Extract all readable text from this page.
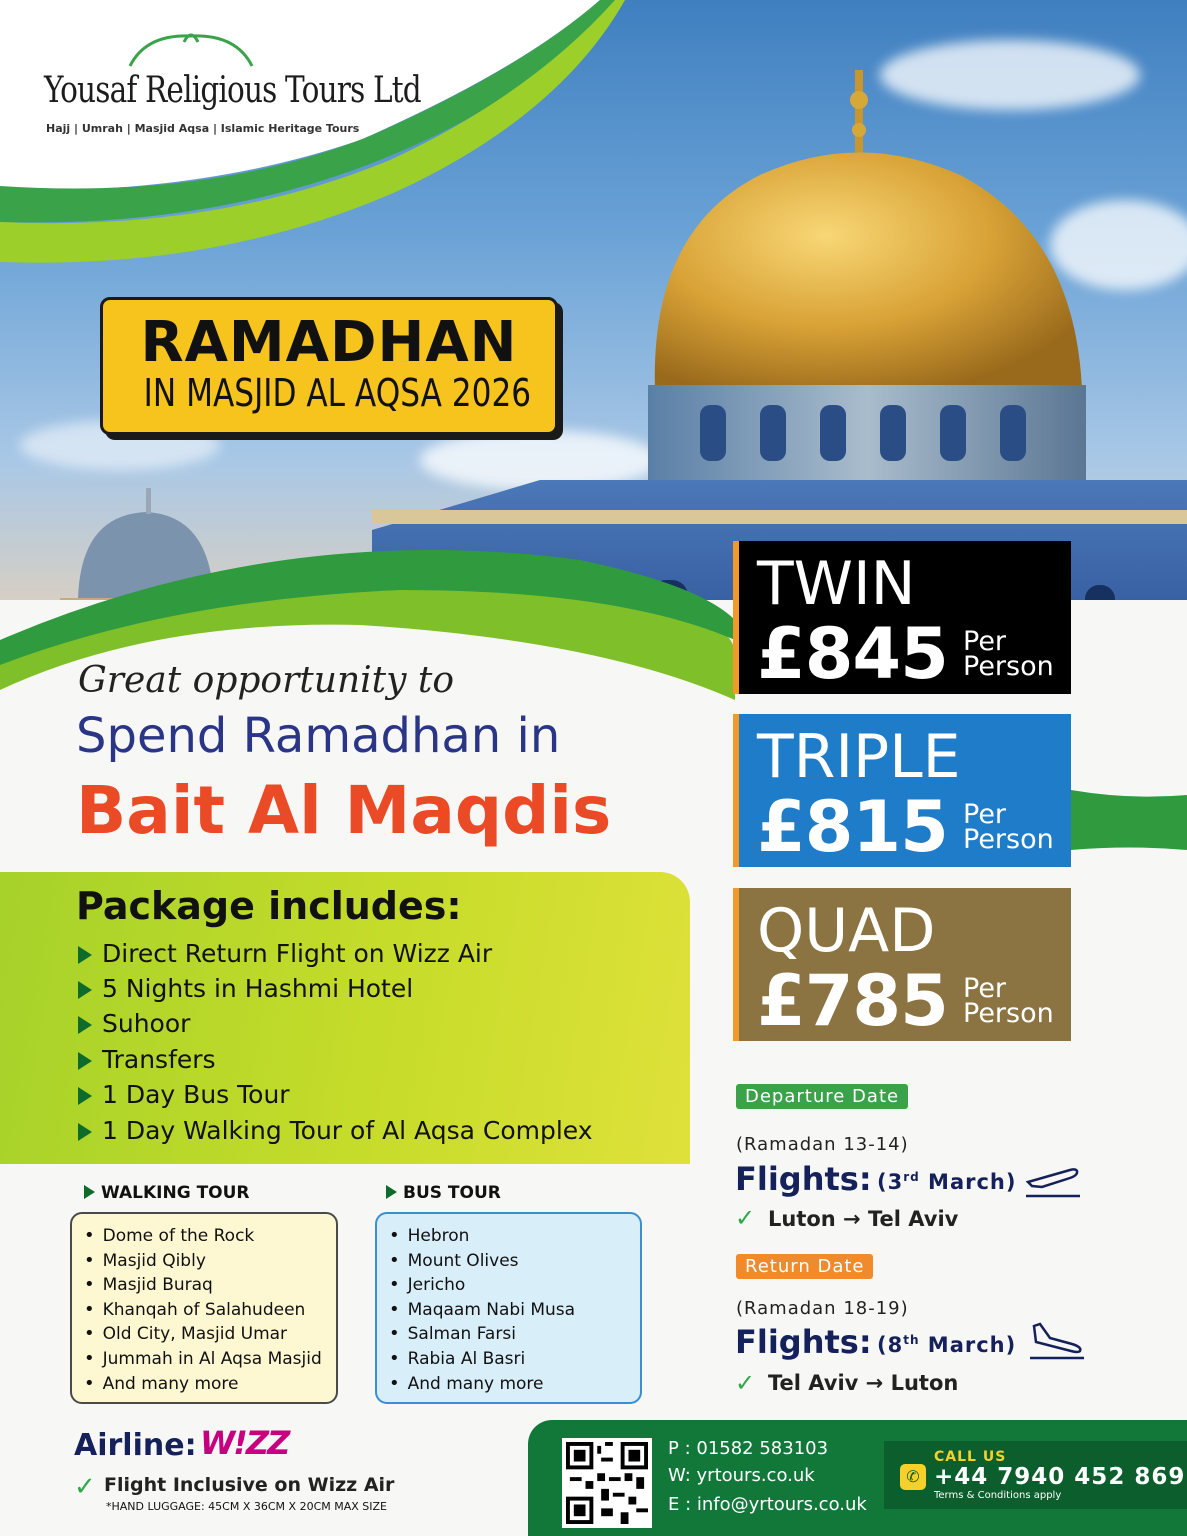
Yousaf Religious Tours Ltd
Hajj | Umrah | Masjid Aqsa | Islamic Heritage Tours
RAMADHAN
IN MASJID AL AQSA 2026
Great opportunity to
Spend Ramadhan in
Bait Al Maqdis
Package includes:
Direct Return Flight on Wizz Air
5 Nights in Hashmi Hotel
Suhoor
Transfers
1 Day Bus Tour
1 Day Walking Tour of Al Aqsa Complex
WALKING TOUR
• Dome of the Rock
• Masjid Qibly
• Masjid Buraq
• Khanqah of Salahudeen
• Old City, Masjid Umar
• Jummah in Al Aqsa Masjid
• And many more
BUS TOUR
• Hebron
• Mount Olives
• Jericho
• Maqaam Nabi Musa
• Salman Farsi
• Rabia Al Basri
• And many more
Airline: W!ZZ
✓ Flight Inclusive on Wizz Air
*HAND LUGGAGE: 45CM X 36CM X 20CM MAX SIZE
TWIN
£845 Per
Person
TRIPLE
£815 Per
Person
QUAD
£785 Per
Person
Departure Date
(Ramadan 13-14)
Flights: (3rd March)
✓ Luton → Tel Aviv
Return Date
(Ramadan 18-19)
Flights: (8th March)
✓ Tel Aviv → Luton
P : 01582 583103
W: yrtours.co.uk
E : info@yrtours.co.uk
✆
CALL US
+44 7940 452 869
Terms & Conditions apply
